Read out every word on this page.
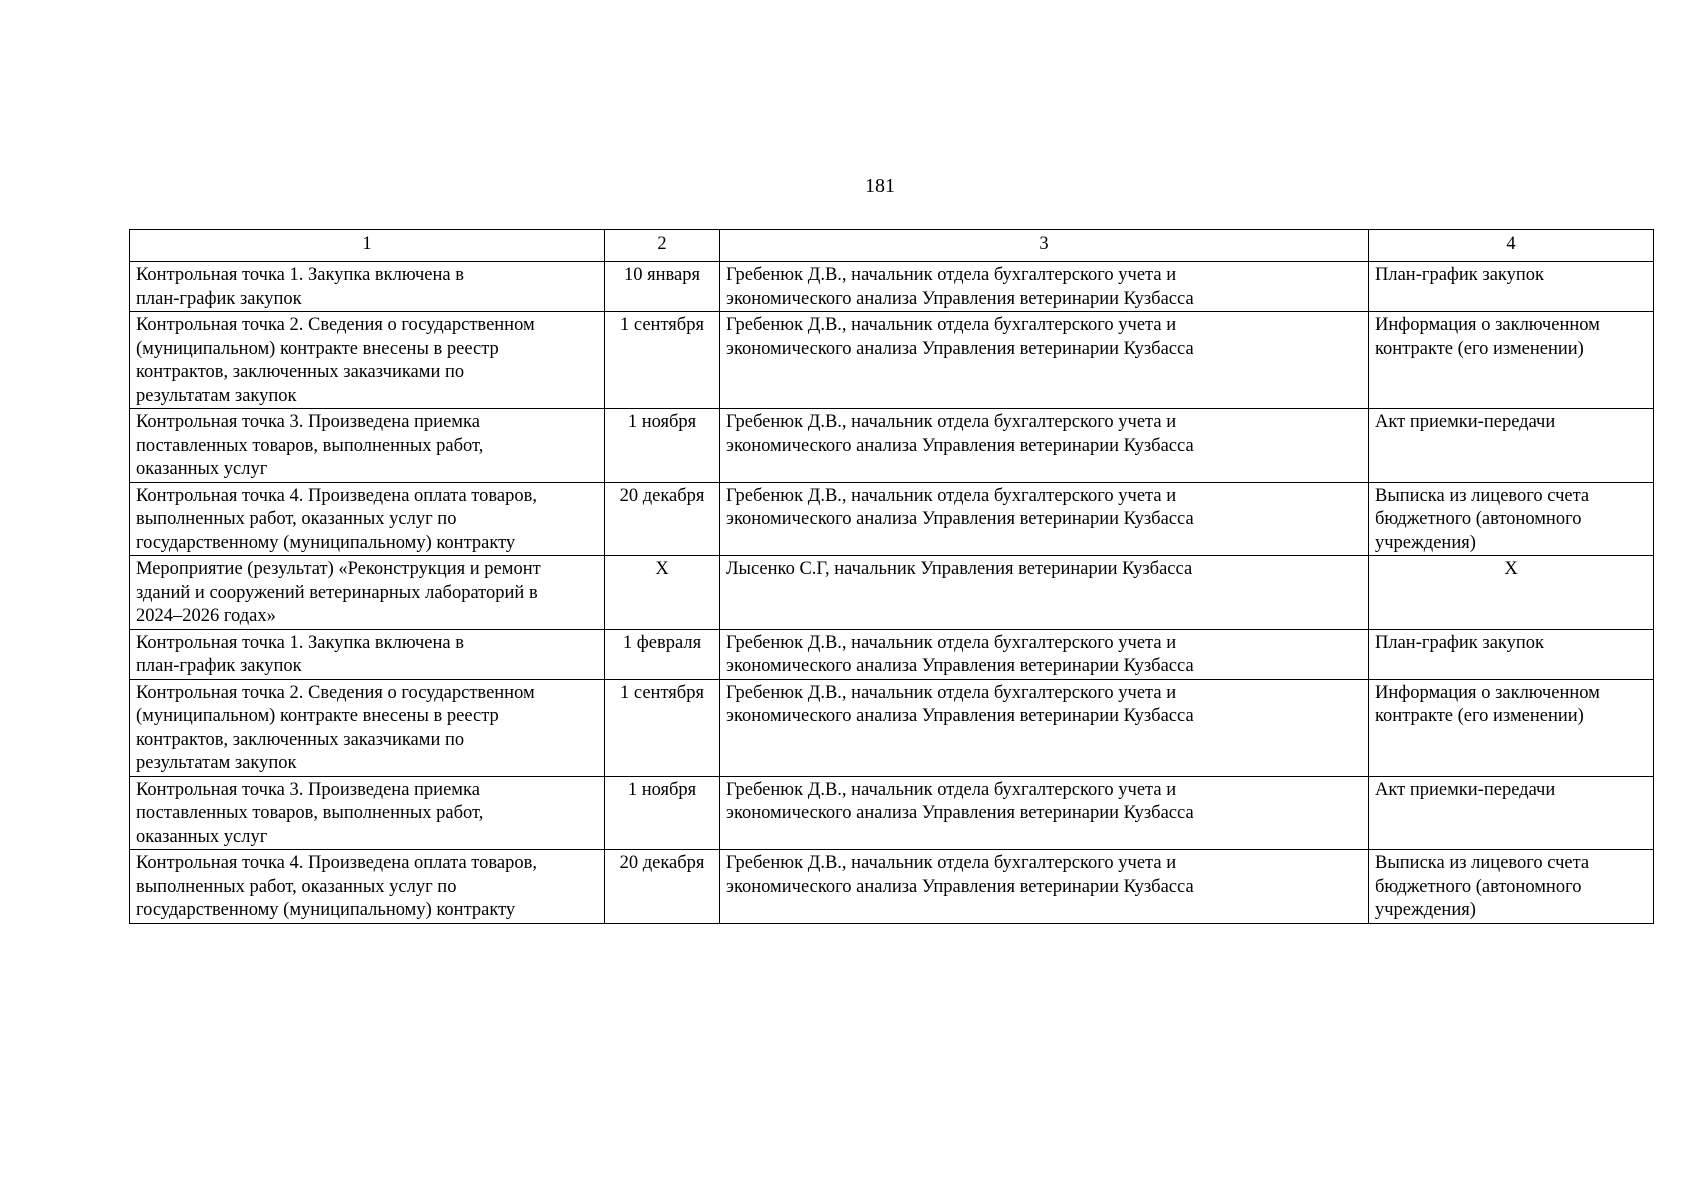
181
1	2	3	4
Контрольная точка 1. Закупка включена в
план-график закупок	10 января	Гребенюк Д.В., начальник отдела бухгалтерского учета и
экономического анализа Управления ветеринарии Кузбасса	План-график закупок
Контрольная точка 2. Сведения о государственном
(муниципальном) контракте внесены в реестр
контрактов, заключенных заказчиками по
результатам закупок	1 сентября	Гребенюк Д.В., начальник отдела бухгалтерского учета и
экономического анализа Управления ветеринарии Кузбасса	Информация о заключенном
контракте (его изменении)
Контрольная точка 3. Произведена приемка
поставленных товаров, выполненных работ,
оказанных услуг	1 ноября	Гребенюк Д.В., начальник отдела бухгалтерского учета и
экономического анализа Управления ветеринарии Кузбасса	Акт приемки-передачи
Контрольная точка 4. Произведена оплата товаров,
выполненных работ, оказанных услуг по
государственному (муниципальному) контракту	20 декабря	Гребенюк Д.В., начальник отдела бухгалтерского учета и
экономического анализа Управления ветеринарии Кузбасса	Выписка из лицевого счета
бюджетного (автономного
учреждения)
Мероприятие (результат) «Реконструкция и ремонт
зданий и сооружений ветеринарных лабораторий в
2024–2026 годах»	Х	Лысенко С.Г, начальник Управления ветеринарии Кузбасса	Х
Контрольная точка 1. Закупка включена в
план-график закупок	1 февраля	Гребенюк Д.В., начальник отдела бухгалтерского учета и
экономического анализа Управления ветеринарии Кузбасса	План-график закупок
Контрольная точка 2. Сведения о государственном
(муниципальном) контракте внесены в реестр
контрактов, заключенных заказчиками по
результатам закупок	1 сентября	Гребенюк Д.В., начальник отдела бухгалтерского учета и
экономического анализа Управления ветеринарии Кузбасса	Информация о заключенном
контракте (его изменении)
Контрольная точка 3. Произведена приемка
поставленных товаров, выполненных работ,
оказанных услуг	1 ноября	Гребенюк Д.В., начальник отдела бухгалтерского учета и
экономического анализа Управления ветеринарии Кузбасса	Акт приемки-передачи
Контрольная точка 4. Произведена оплата товаров,
выполненных работ, оказанных услуг по
государственному (муниципальному) контракту	20 декабря	Гребенюк Д.В., начальник отдела бухгалтерского учета и
экономического анализа Управления ветеринарии Кузбасса	Выписка из лицевого счета
бюджетного (автономного
учреждения)
